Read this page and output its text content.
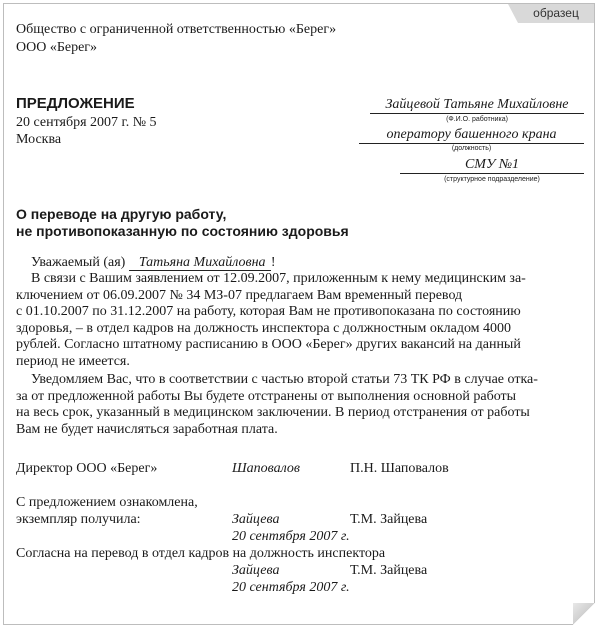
образец
Общество с ограниченной ответственностью «Берег»
ООО «Берег»
ПРЕДЛОЖЕНИЕ
20 сентября 2007 г. № 5
Москва
Зайцевой Татьяне Михайловне
(Ф.И.О. работника)
оператору башенного крана
(должность)
СМУ №1
(структурное подразделение)
О переводе на другую работу,
не противопоказанную по состоянию здоровья
Уважаемый (ая) Татьяна Михайловна !
В связи с Вашим заявлением от 12.09.2007, приложенным к нему медицинским за-
ключением от 06.09.2007 № 34 МЗ-07 предлагаем Вам временный перевод
с 01.10.2007 по 31.12.2007 на работу, которая Вам не противопоказана по состоянию
здоровья, – в отдел кадров на должность инспектора с должностным окладом 4000
рублей. Согласно штатному расписанию в ООО «Берег» других вакансий на данный
период не имеется.
Уведомляем Вас, что в соответствии с частью второй статьи 73 ТК РФ в случае отка-
за от предложенной работы Вы будете отстранены от выполнения основной работы
на весь срок, указанный в медицинском заключении. В период отстранения от работы
Вам не будет начисляться заработная плата.
Директор ООО «Берег»	Шаповалов	П.Н. Шаповалов
С предложением ознакомлена,
экземпляр получила:	Зайцева	Т.М. Зайцева
20 сентября 2007 г.
Согласна на перевод в отдел кадров на должность инспектора
Зайцева	Т.М. Зайцева
20 сентября 2007 г.
